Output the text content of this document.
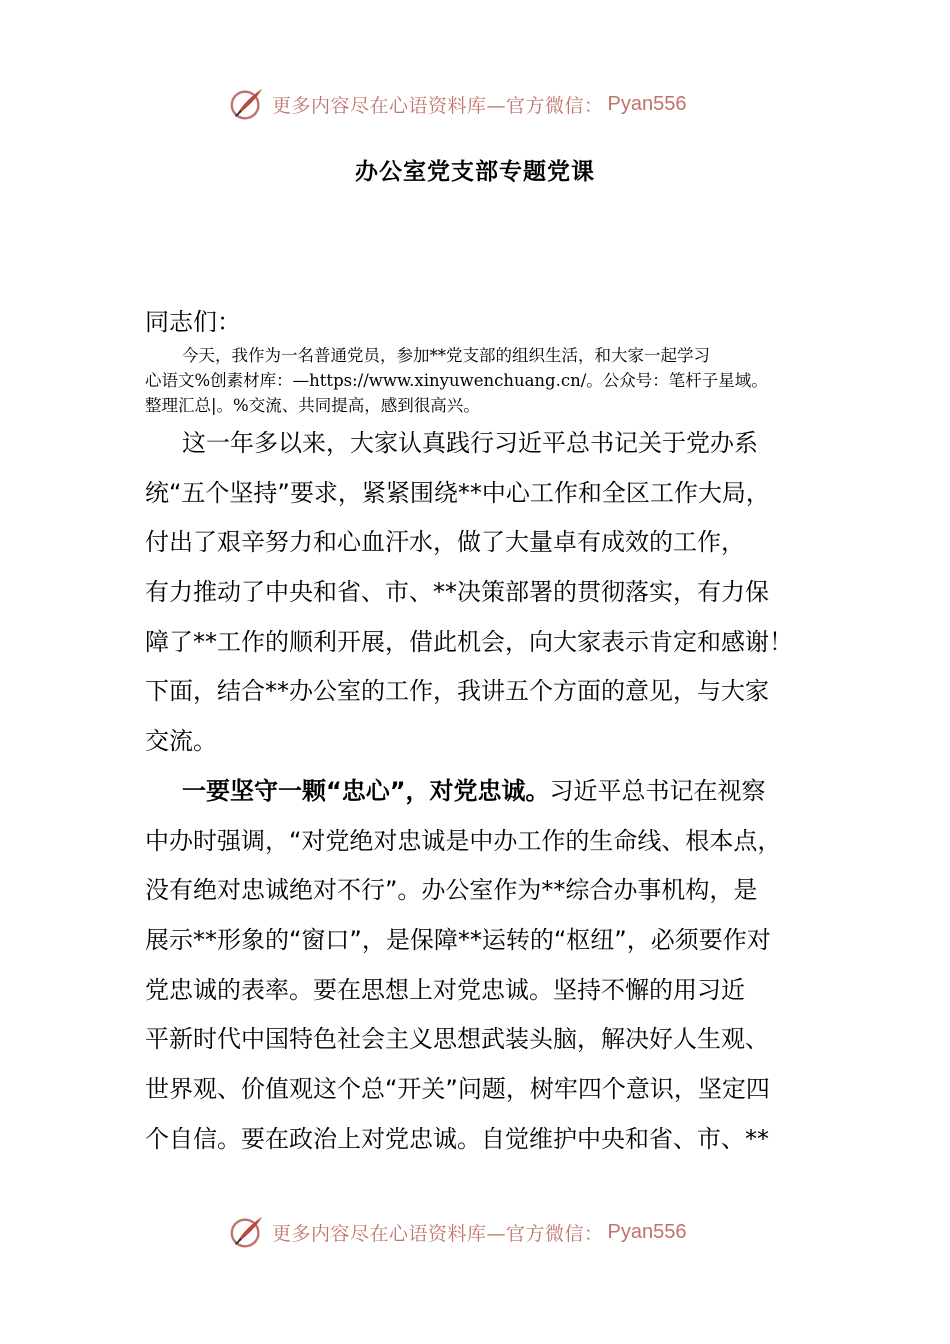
更多内容尽在心语资料库—官方微信： Pyan556
办公室党支部专题党课
同志们：
今天，我作为一名普通党员，参加**党支部的组织生活，和大家一起学习
心语文%创素材库：—https://www.xinyuwenchuang.cn/。公众号：笔杆子星域。
整理汇总|。%交流、共同提高，感到很高兴。
这一年多以来，大家认真践行习近平总书记关于党办系
统“五个坚持”要求，紧紧围绕**中心工作和全区工作大局，
付出了艰辛努力和心血汗水，做了大量卓有成效的工作，
有力推动了中央和省、市、**决策部署的贯彻落实，有力保
障了**工作的顺利开展，借此机会，向大家表示肯定和感谢！
下面，结合**办公室的工作，我讲五个方面的意见，与大家
交流。
一要坚守一颗“忠心”，对党忠诚。习近平总书记在视察
中办时强调，“对党绝对忠诚是中办工作的生命线、根本点，
没有绝对忠诚绝对不行”。办公室作为**综合办事机构，是
展示**形象的“窗口”，是保障**运转的“枢纽”，必须要作对
党忠诚的表率。要在思想上对党忠诚。坚持不懈的用习近
平新时代中国特色社会主义思想武装头脑，解决好人生观、
世界观、价值观这个总“开关”问题，树牢四个意识，坚定四
个自信。要在政治上对党忠诚。自觉维护中央和省、市、**
更多内容尽在心语资料库—官方微信： Pyan556
